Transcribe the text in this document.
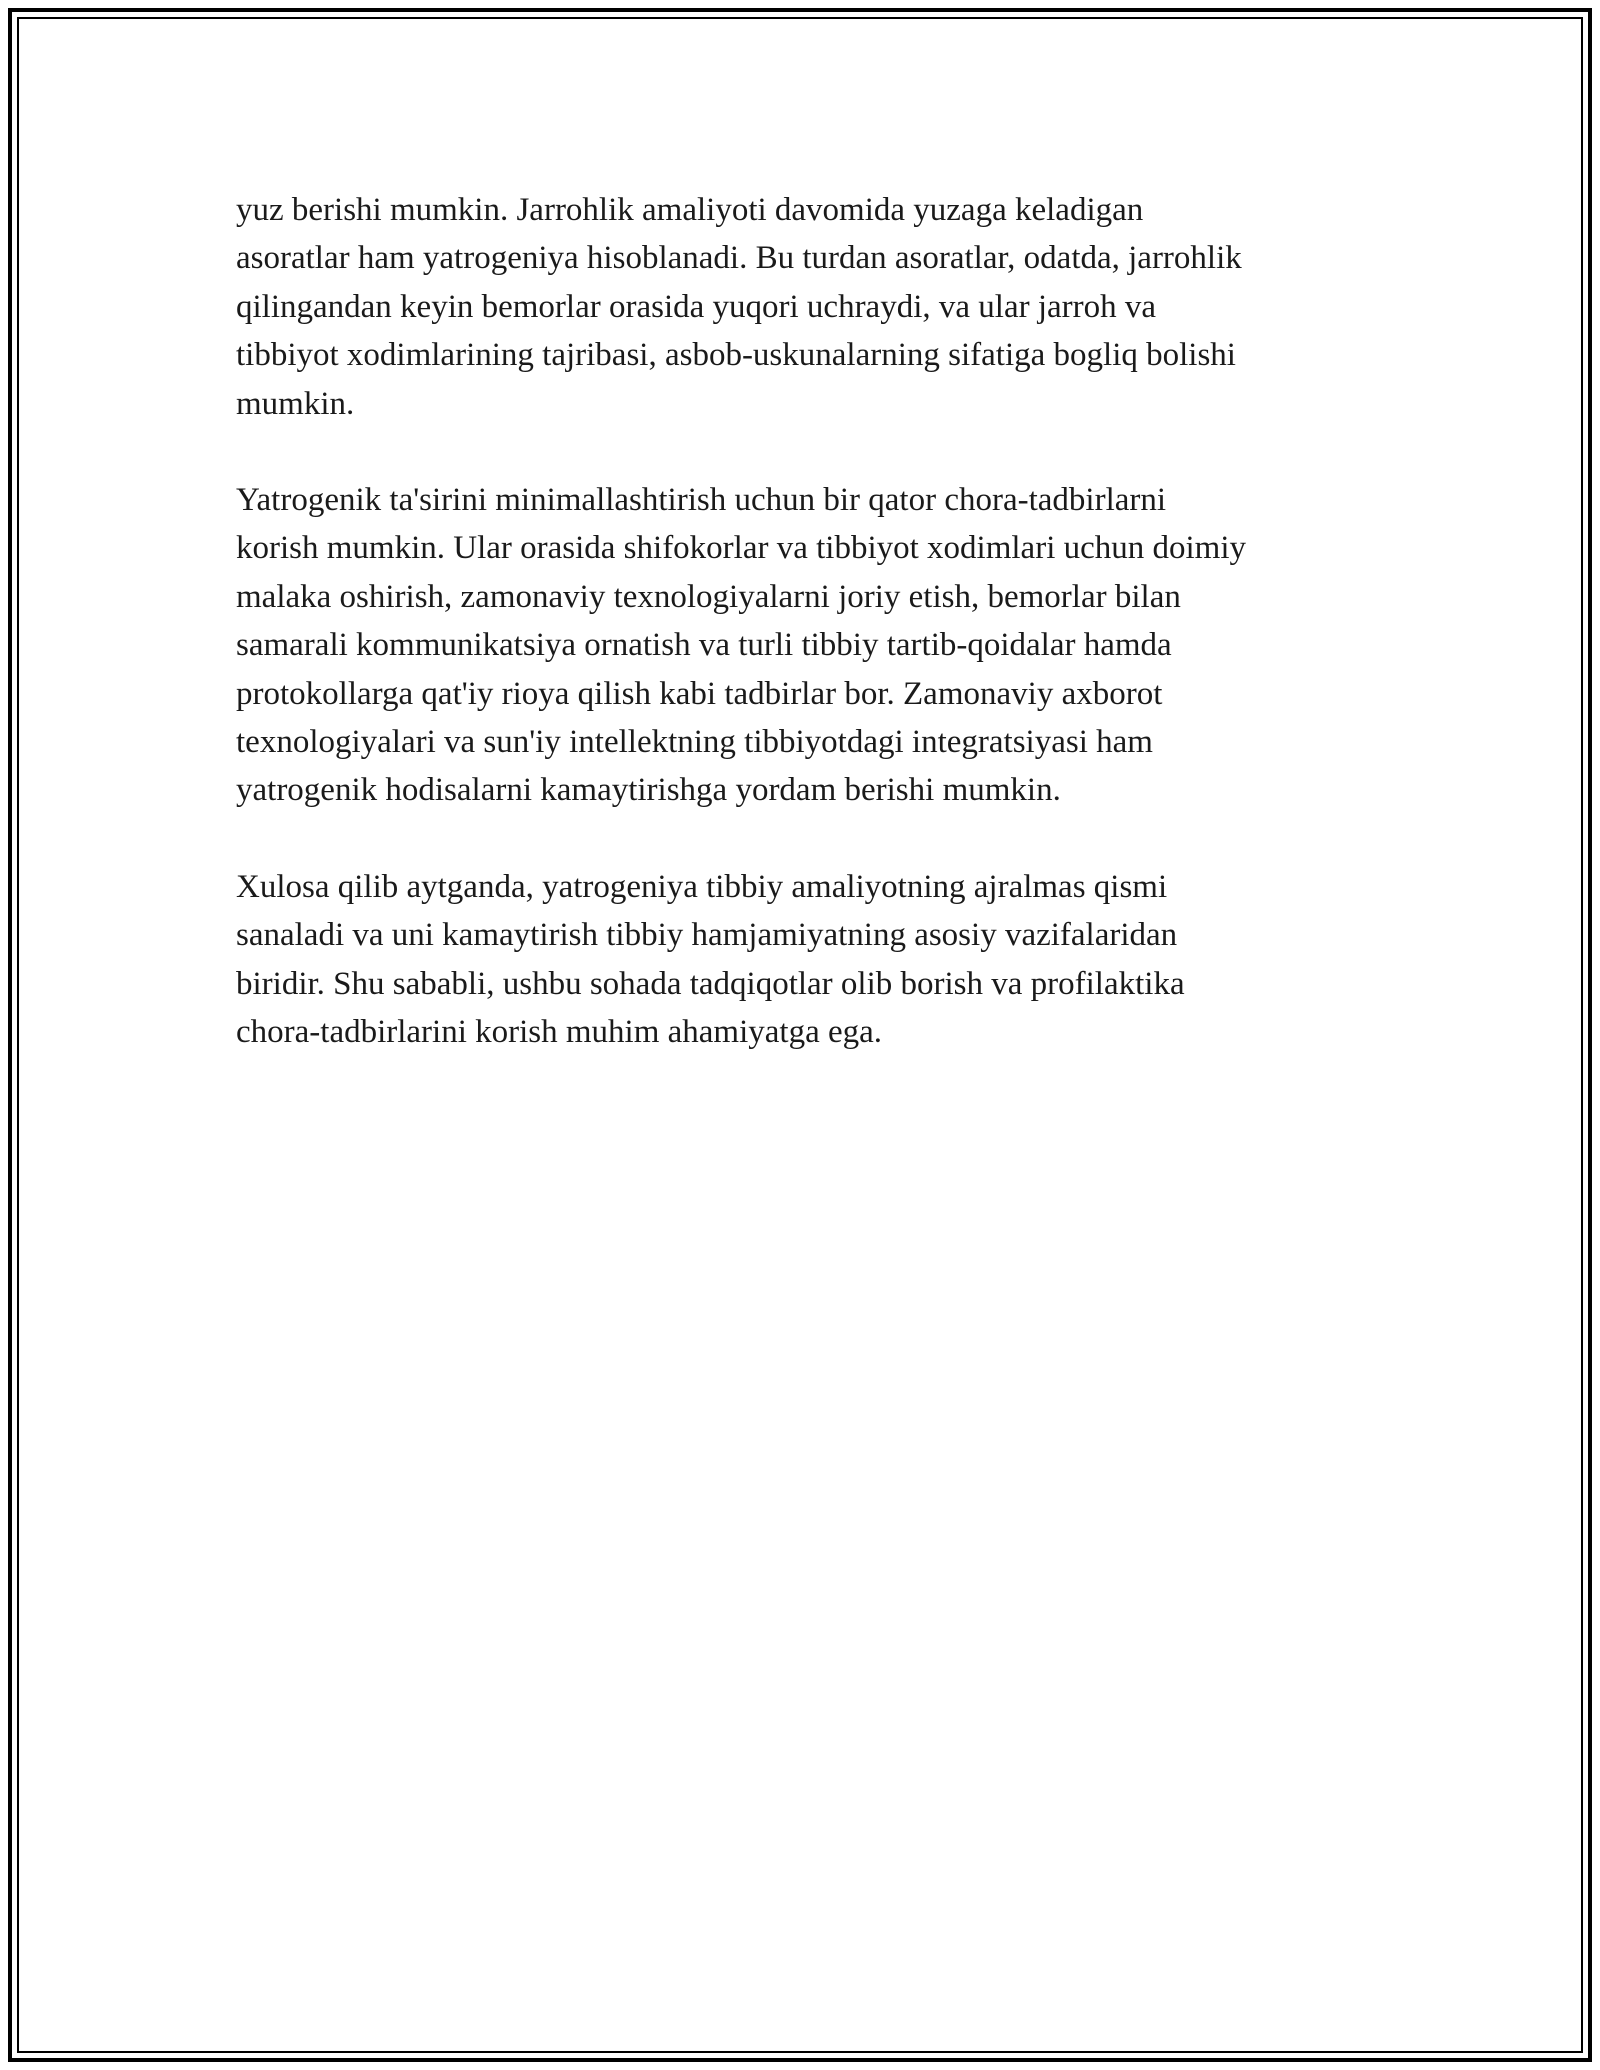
yuz berishi mumkin. Jarrohlik amaliyoti davomida yuzaga keladigan
asoratlar ham yatrogeniya hisoblanadi. Bu turdan asoratlar, odatda, jarrohlik
qilingandan keyin bemorlar orasida yuqori uchraydi, va ular jarroh va
tibbiyot xodimlarining tajribasi, asbob-uskunalarning sifatiga bogliq bolishi
mumkin.

Yatrogenik ta'sirini minimallashtirish uchun bir qator chora-tadbirlarni
korish mumkin. Ular orasida shifokorlar va tibbiyot xodimlari uchun doimiy
malaka oshirish, zamonaviy texnologiyalarni joriy etish, bemorlar bilan
samarali kommunikatsiya ornatish va turli tibbiy tartib-qoidalar hamda
protokollarga qat'iy rioya qilish kabi tadbirlar bor. Zamonaviy axborot
texnologiyalari va sun'iy intellektning tibbiyotdagi integratsiyasi ham
yatrogenik hodisalarni kamaytirishga yordam berishi mumkin.

Xulosa qilib aytganda, yatrogeniya tibbiy amaliyotning ajralmas qismi
sanaladi va uni kamaytirish tibbiy hamjamiyatning asosiy vazifalaridan
biridir. Shu sababli, ushbu sohada tadqiqotlar olib borish va profilaktika
chora-tadbirlarini korish muhim ahamiyatga ega.
